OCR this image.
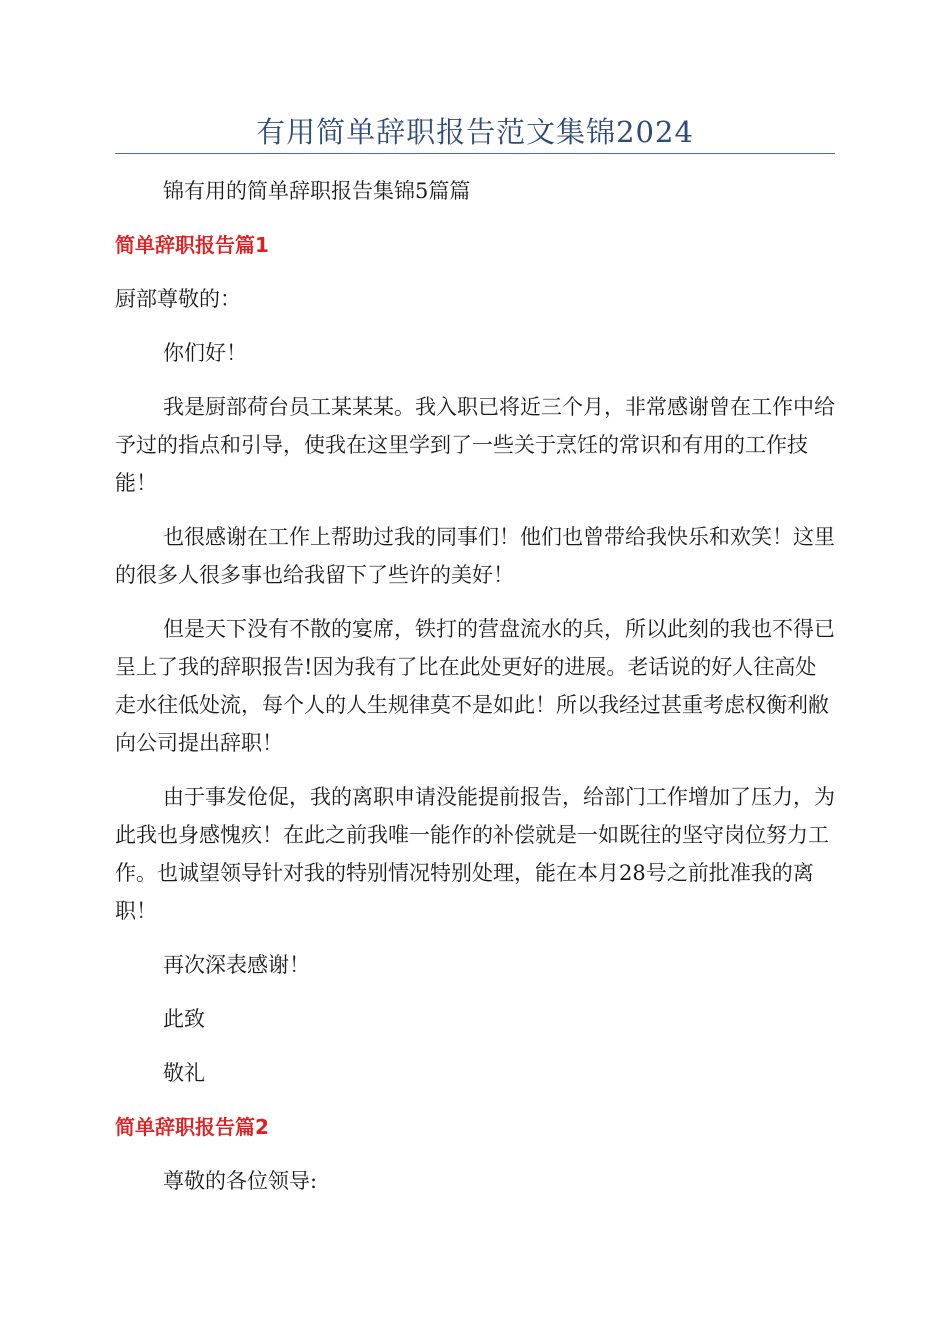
有用简单辞职报告范文集锦2024

锦有用的简单辞职报告集锦5篇篇

简单辞职报告篇1

厨部尊敬的：

你们好！

我是厨部荷台员工某某某。我入职已将近三个月，非常感谢曾在工作中给予过的指点和引导，使我在这里学到了一些关于烹饪的常识和有用的工作技能！

也很感谢在工作上帮助过我的同事们！他们也曾带给我快乐和欢笑！这里的很多人很多事也给我留下了些许的美好！

但是天下没有不散的宴席，铁打的营盘流水的兵，所以此刻的我也不得已呈上了我的辞职报告!因为我有了比在此处更好的进展。老话说的好人往高处走水往低处流，每个人的人生规律莫不是如此！所以我经过甚重考虑权衡利敝向公司提出辞职！

由于事发伧促，我的离职申请没能提前报告，给部门工作增加了压力，为此我也身感愧疚！在此之前我唯一能作的补偿就是一如既往的坚守岗位努力工作。也诚望领导针对我的特别情况特别处理，能在本月28号之前批准我的离职！

再次深表感谢！

此致

敬礼

简单辞职报告篇2

尊敬的各位领导:
